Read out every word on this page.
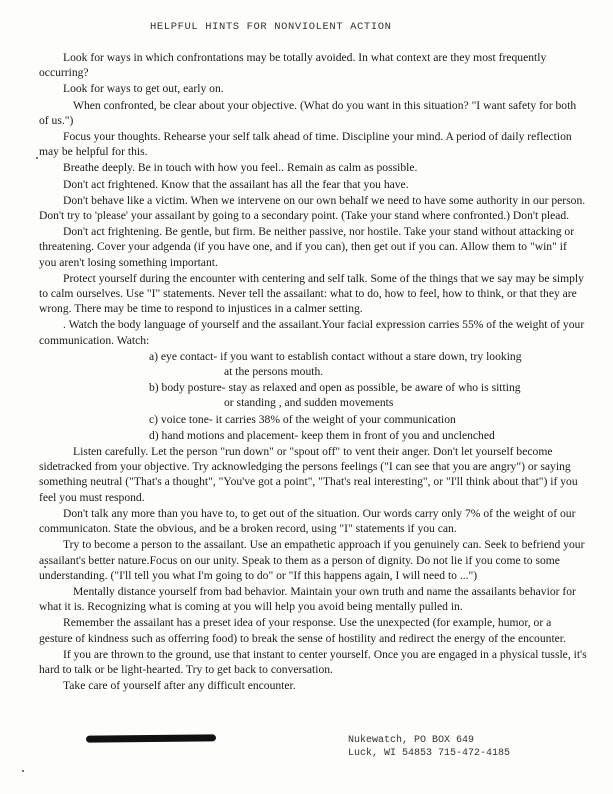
HELPFUL HINTS FOR NONVIOLENT ACTION

Look for ways in which confrontations may be totally avoided. In what context are they most frequently occurring?

Look for ways to get out, early on.

When confronted, be clear about your objective. (What do you want in this situation? "I want safety for both of us.")

Focus your thoughts. Rehearse your self talk ahead of time. Discipline your mind. A period of daily reflection may be helpful for this.

Breathe deeply. Be in touch with how you feel.. Remain as calm as possible.

Don't act frightened. Know that the assailant has all the fear that you have.

Don't behave like a victim. When we intervene on our own behalf we need to have some authority in our person. Don't try to 'please' your assailant by going to a secondary point. (Take your stand where confronted.) Don't plead.

Don't act frightening. Be gentle, but firm. Be neither passive, nor hostile. Take your stand without attacking or threatening. Cover your adgenda (if you have one, and if you can), then get out if you can. Allow them to "win" if you aren't losing something important.

Protect yourself during the encounter with centering and self talk. Some of the things that we say may be simply to calm ourselves. Use "I" statements. Never tell the assailant: what to do, how to feel, how to think, or that they are wrong. There may be time to respond to injustices in a calmer setting.

. Watch the body language of yourself and the assailant.Your facial expression carries 55% of the weight of your communication. Watch:

a) eye contact- if you want to establish contact without a stare down, try looking
at the persons mouth.
b) body posture- stay as relaxed and open as possible, be aware of who is sitting
or standing , and sudden movements
c) voice tone- it carries 38% of the weight of your communication
d) hand motions and placement- keep them in front of you and unclenched

Listen carefully. Let the person "run down" or "spout off" to vent their anger. Don't let yourself become sidetracked from your objective. Try acknowledging the persons feelings ("I can see that you are angry") or saying something neutral ("That's a thought", "You've got a point", "That's real interesting", or "I'll think about that") if you feel you must respond.

Don't talk any more than you have to, to get out of the situation. Our words carry only 7% of the weight of our communicaton. State the obvious, and be a broken record, using "I" statements if you can.

Try to become a person to the assailant. Use an empathetic approach if you genuinely can. Seek to befriend your assailant's better nature.Focus on our unity. Speak to them as a person of dignity. Do not lie if you come to some understanding. ("I'll tell you what I'm going to do" or "If this happens again, I will need to ...")

Mentally distance yourself from bad behavior. Maintain your own truth and name the assailants behavior for what it is. Recognizing what is coming at you will help you avoid being mentally pulled in.

Remember the assailant has a preset idea of your response. Use the unexpected (for example, humor, or a gesture of kindness such as offerring food) to break the sense of hostility and redirect the energy of the encounter.

If you are thrown to the ground, use that instant to center yourself. Once you are engaged in a physical tussle, it's hard to talk or be light-hearted. Try to get back to conversation.

Take care of yourself after any difficult encounter.

Nukewatch, PO BOX 649
Luck, WI 54853 715-472-4185
